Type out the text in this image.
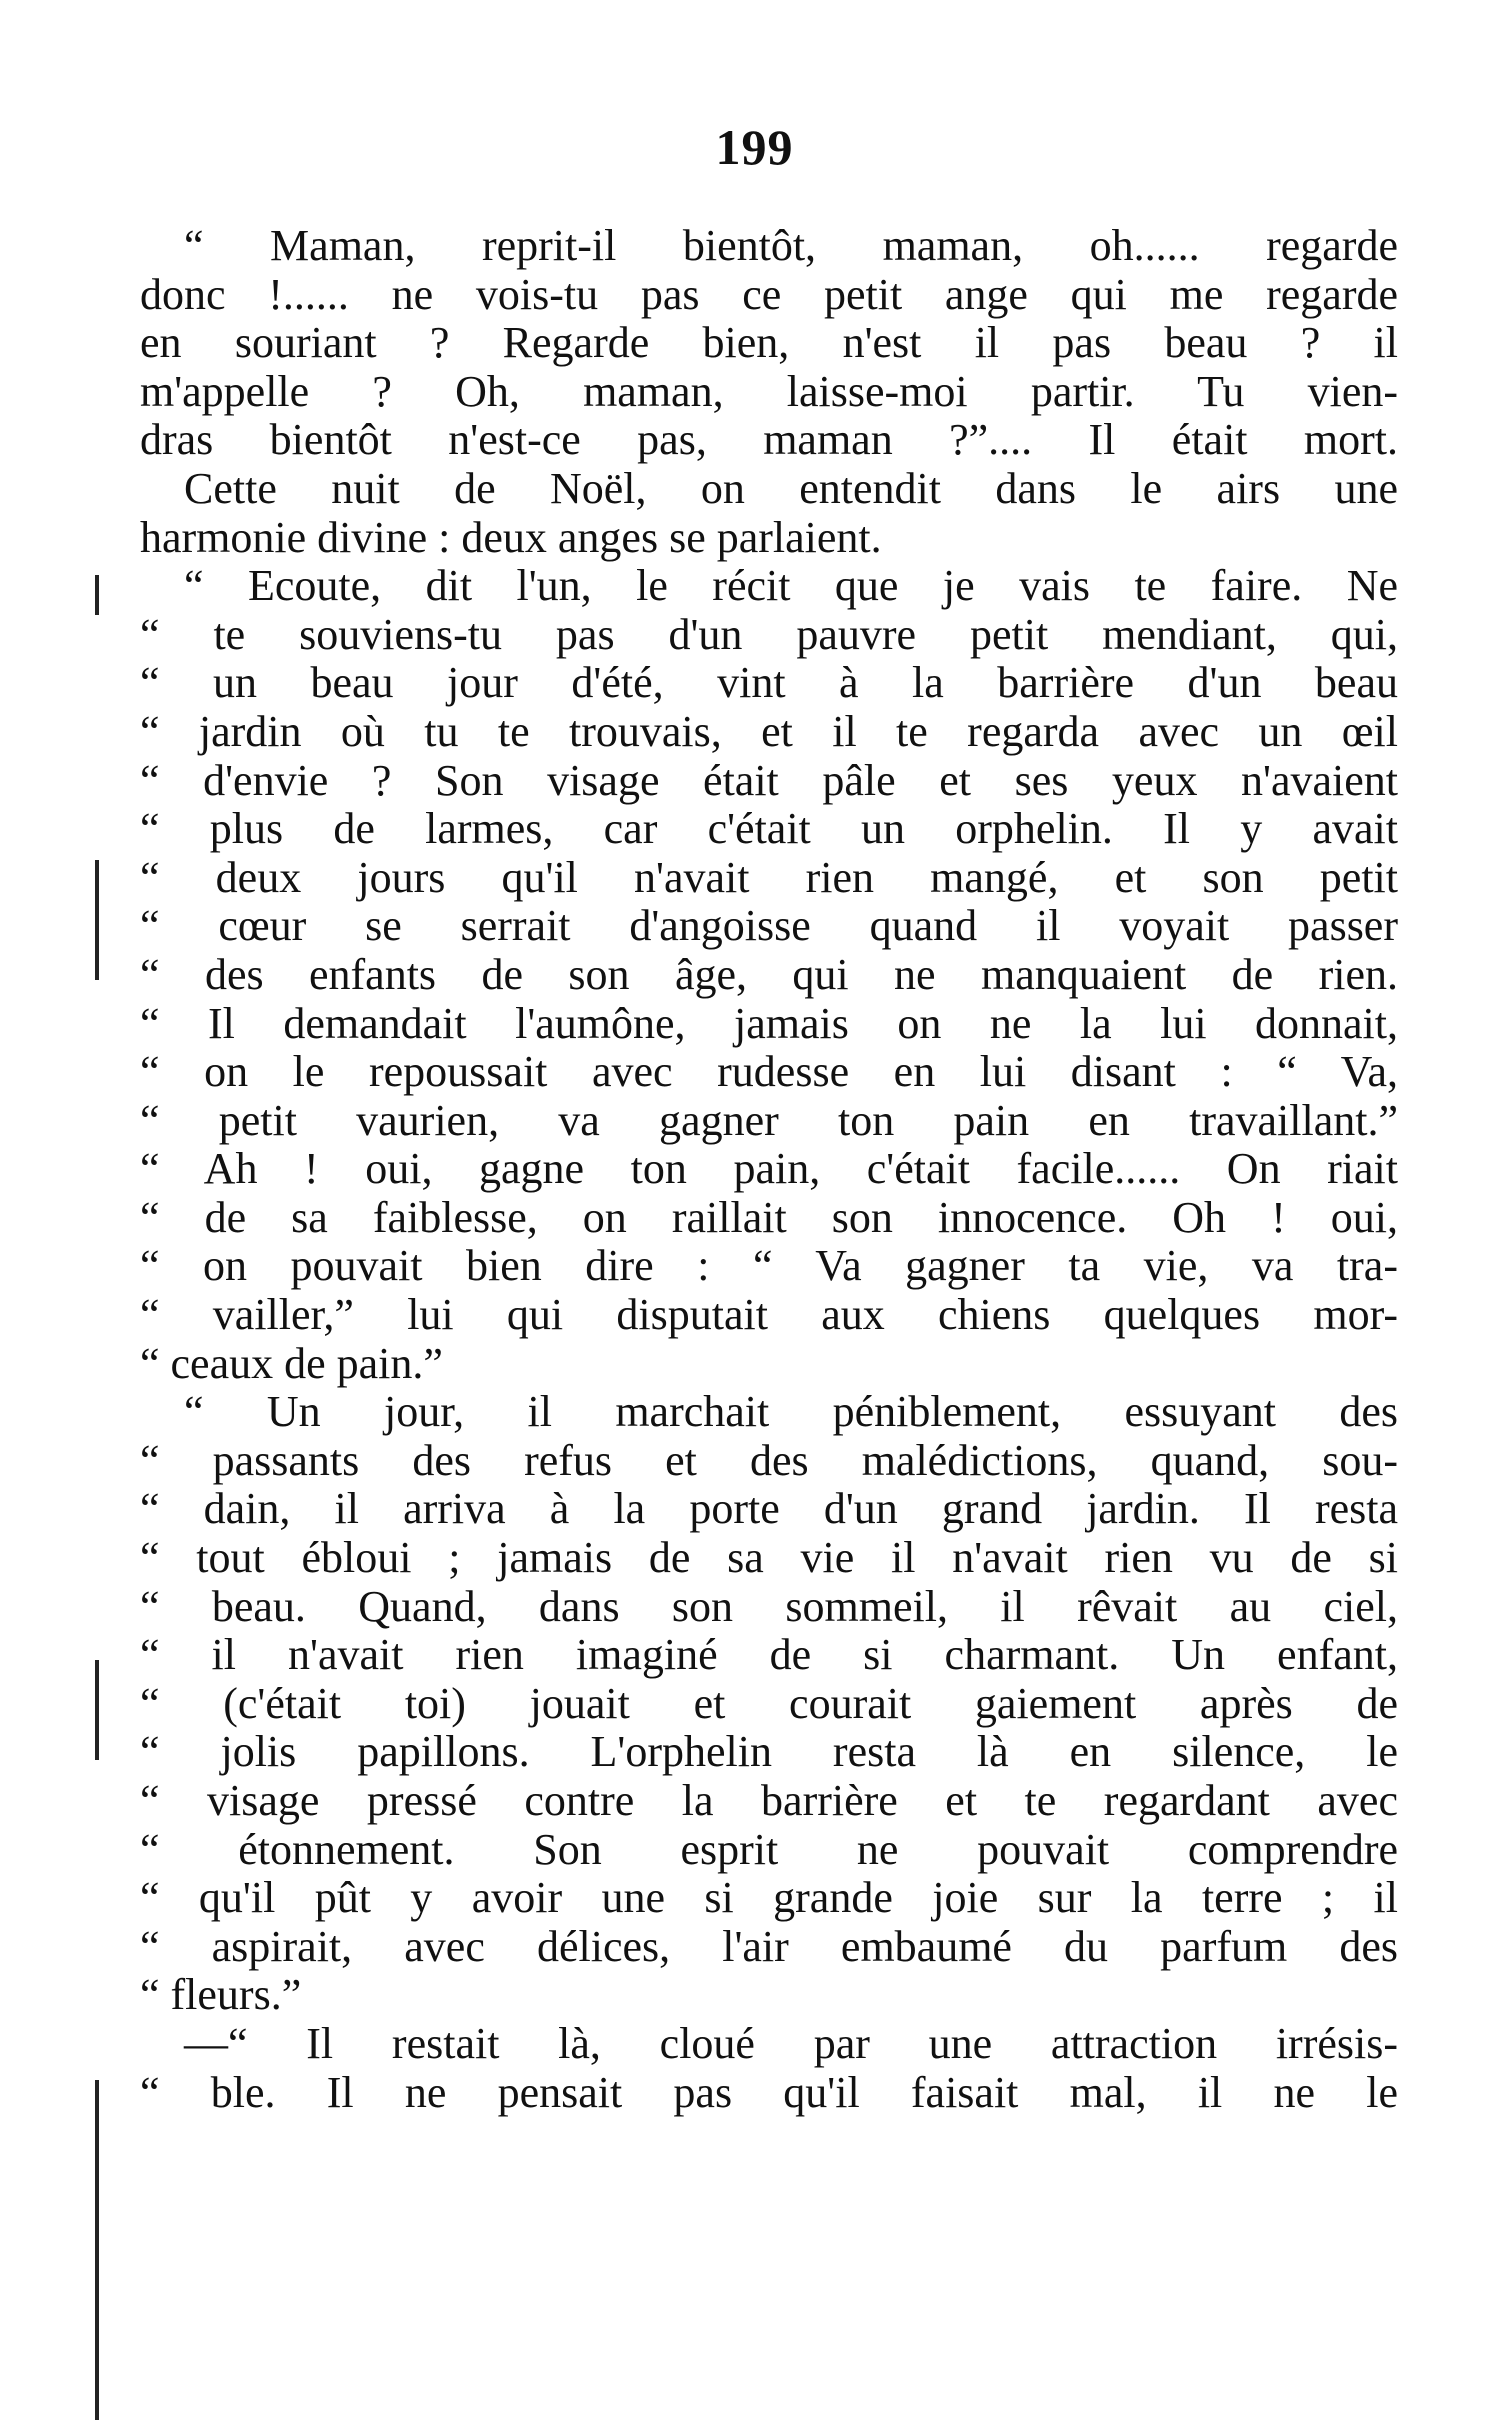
199
“ Maman, reprit-il bientôt, maman, oh...... regarde
donc !...... ne vois-tu pas ce petit ange qui me regarde
en souriant ? Regarde bien, n'est il pas beau ? il
m'appelle ? Oh, maman, laisse-moi partir. Tu vien-
dras bientôt n'est-ce pas, maman ?”.... Il était mort.
Cette nuit de Noël, on entendit dans le airs une
harmonie divine : deux anges se parlaient.
“ Ecoute, dit l'un, le récit que je vais te faire. Ne
“ te souviens-tu pas d'un pauvre petit mendiant, qui,
“ un beau jour d'été, vint à la barrière d'un beau
“ jardin où tu te trouvais, et il te regarda avec un œil
“ d'envie ? Son visage était pâle et ses yeux n'avaient
“ plus de larmes, car c'était un orphelin. Il y avait
“ deux jours qu'il n'avait rien mangé, et son petit
“ cœur se serrait d'angoisse quand il voyait passer
“ des enfants de son âge, qui ne manquaient de rien.
“ Il demandait l'aumône, jamais on ne la lui donnait,
“ on le repoussait avec rudesse en lui disant : “ Va,
“ petit vaurien, va gagner ton pain en travaillant.”
“ Ah ! oui, gagne ton pain, c'était facile...... On riait
“ de sa faiblesse, on raillait son innocence. Oh ! oui,
“ on pouvait bien dire : “ Va gagner ta vie, va tra-
“ vailler,” lui qui disputait aux chiens quelques mor-
“ ceaux de pain.”
“ Un jour, il marchait péniblement, essuyant des
“ passants des refus et des malédictions, quand, sou-
“ dain, il arriva à la porte d'un grand jardin. Il resta
“ tout ébloui ; jamais de sa vie il n'avait rien vu de si
“ beau. Quand, dans son sommeil, il rêvait au ciel,
“ il n'avait rien imaginé de si charmant. Un enfant,
“ (c'était toi) jouait et courait gaiement après de
“ jolis papillons. L'orphelin resta là en silence, le
“ visage pressé contre la barrière et te regardant avec
“ étonnement. Son esprit ne pouvait comprendre
“ qu'il pût y avoir une si grande joie sur la terre ; il
“ aspirait, avec délices, l'air embaumé du parfum des
“ fleurs.”
—“ Il restait là, cloué par une attraction irrésis-
“ ble. Il ne pensait pas qu'il faisait mal, il ne le
